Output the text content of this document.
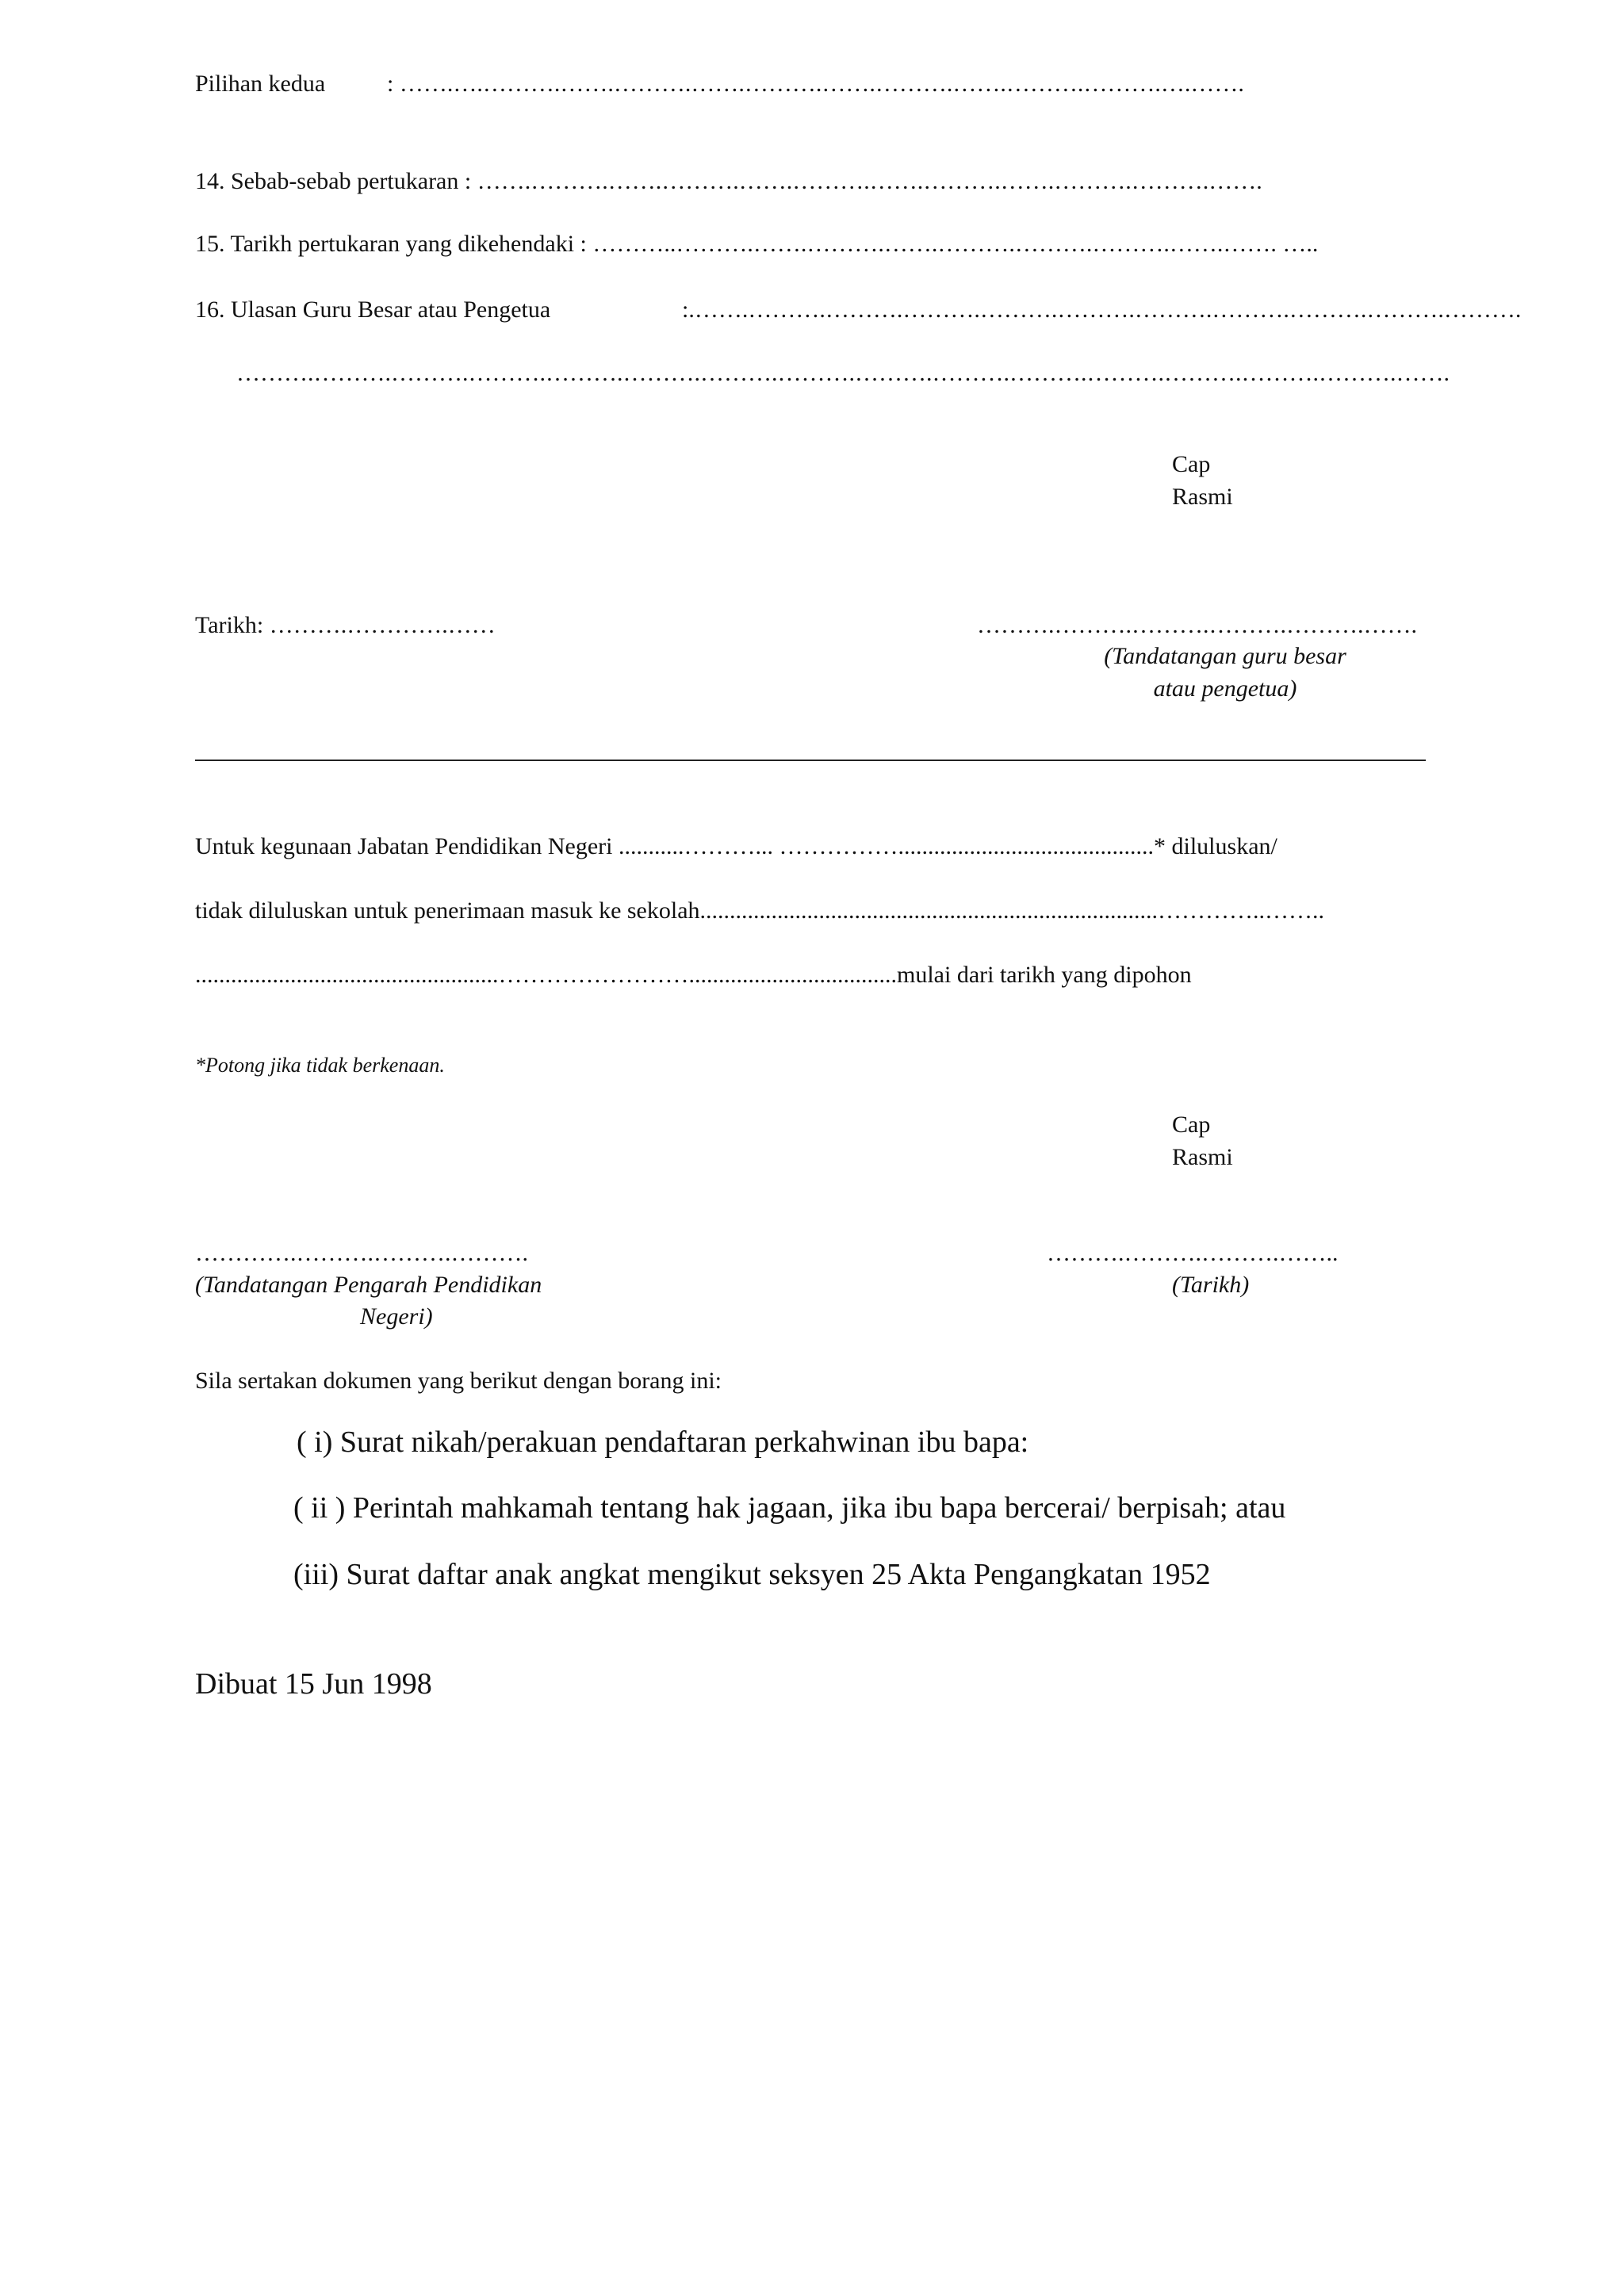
Pilihan kedua	: …….….……….…….……….…….……….…….……….…….……….……….….…….
14. Sebab-sebab pertukaran : …….……….…….……….…….……….…….……….…….……….……….…….
15. Tarikh pertukaran yang dikehendaki : ………..……….…….……….…….……….……….……….…….……. …..
16. Ulasan Guru Besar atau Pengetua	:.…….……….……….……….……….……….……….……….……….……….……….
……….……….……….……….……….……….……….……….……….……….……….……….……….……….……….…….
Cap
Rasmi
Tarikh: ……….………….……	……….……….……….……….……….…….
(Tandatangan guru besar
atau pengetua)
Untuk kegunaan Jabatan Pendidikan Negeri ...........………... ……………...........................................* diluluskan/
tidak diluluskan untuk penerimaan masuk ke sekolah.............................................................................…………..……..
...................................................……………………...................................mulai dari tarikh yang dipohon
*Potong jika tidak berkenaan.
Cap
Rasmi
………….……….……….……….
(Tandatangan Pengarah Pendidikan
Negeri)
……….……….……….……..
(Tarikh)
Sila sertakan dokumen yang berikut dengan borang ini:
( i) Surat nikah/perakuan pendaftaran perkahwinan ibu bapa:
( ii ) Perintah mahkamah tentang hak jagaan, jika ibu bapa bercerai/ berpisah; atau
(iii) Surat daftar anak angkat mengikut seksyen 25 Akta Pengangkatan 1952
Dibuat 15 Jun 1998
